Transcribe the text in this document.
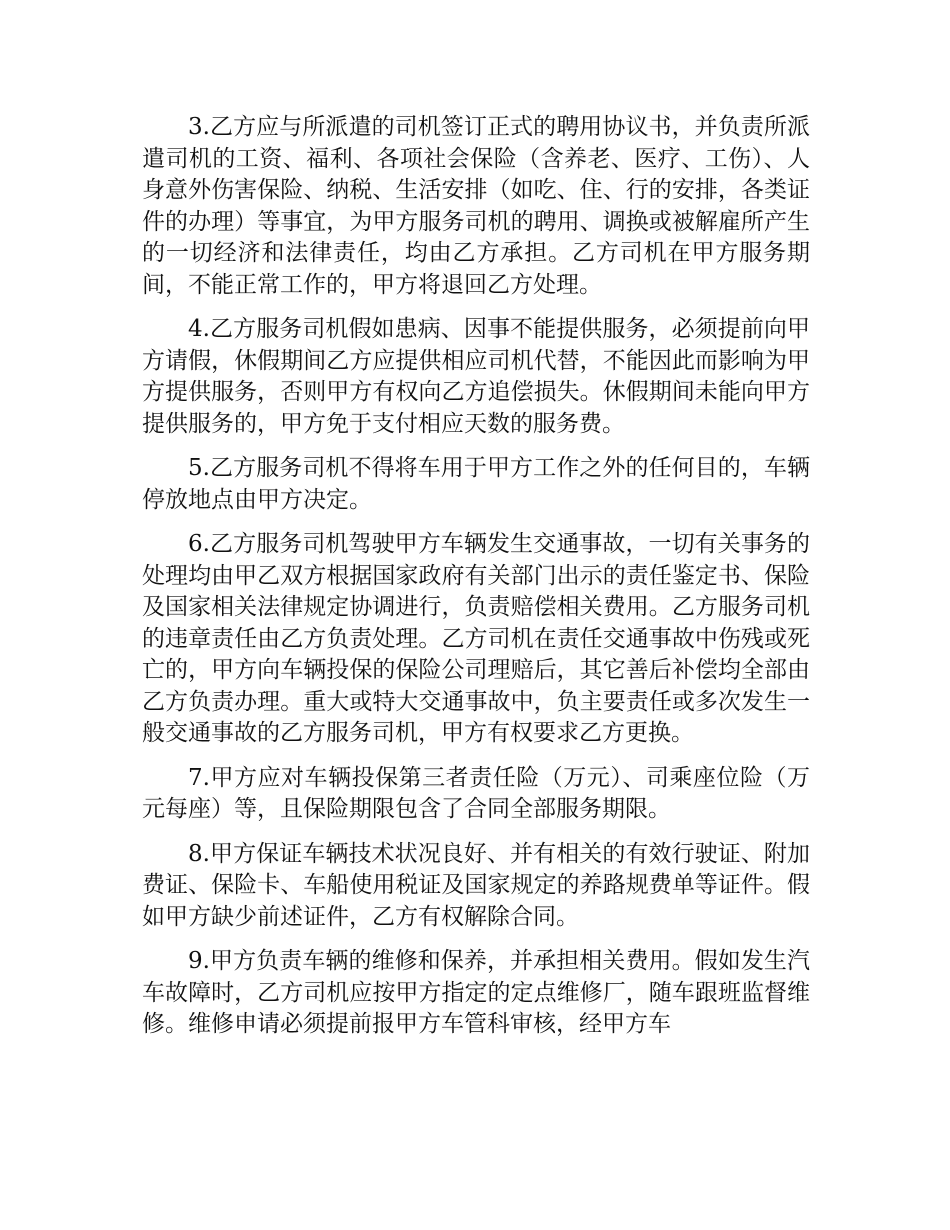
3.乙方应与所派遣的司机签订正式的聘用协议书，并负责所派遣司机的工资、福利、各项社会保险（含养老、医疗、工伤）、人身意外伤害保险、纳税、生活安排（如吃、住、行的安排，各类证件的办理）等事宜，为甲方服务司机的聘用、调换或被解雇所产生的一切经济和法律责任，均由乙方承担。乙方司机在甲方服务期间，不能正常工作的，甲方将退回乙方处理。

4.乙方服务司机假如患病、因事不能提供服务，必须提前向甲方请假，休假期间乙方应提供相应司机代替，不能因此而影响为甲方提供服务，否则甲方有权向乙方追偿损失。休假期间未能向甲方提供服务的，甲方免于支付相应天数的服务费。

5.乙方服务司机不得将车用于甲方工作之外的任何目的，车辆停放地点由甲方决定。

6.乙方服务司机驾驶甲方车辆发生交通事故，一切有关事务的处理均由甲乙双方根据国家政府有关部门出示的责任鉴定书、保险及国家相关法律规定协调进行，负责赔偿相关费用。乙方服务司机的违章责任由乙方负责处理。乙方司机在责任交通事故中伤残或死亡的，甲方向车辆投保的保险公司理赔后，其它善后补偿均全部由乙方负责办理。重大或特大交通事故中，负主要责任或多次发生一般交通事故的乙方服务司机，甲方有权要求乙方更换。

7.甲方应对车辆投保第三者责任险（万元）、司乘座位险（万元每座）等，且保险期限包含了合同全部服务期限。

8.甲方保证车辆技术状况良好、并有相关的有效行驶证、附加费证、保险卡、车船使用税证及国家规定的养路规费单等证件。假如甲方缺少前述证件，乙方有权解除合同。

9.甲方负责车辆的维修和保养，并承担相关费用。假如发生汽车故障时，乙方司机应按甲方指定的定点维修厂，随车跟班监督维修。维修申请必须提前报甲方车管科审核，经甲方车
